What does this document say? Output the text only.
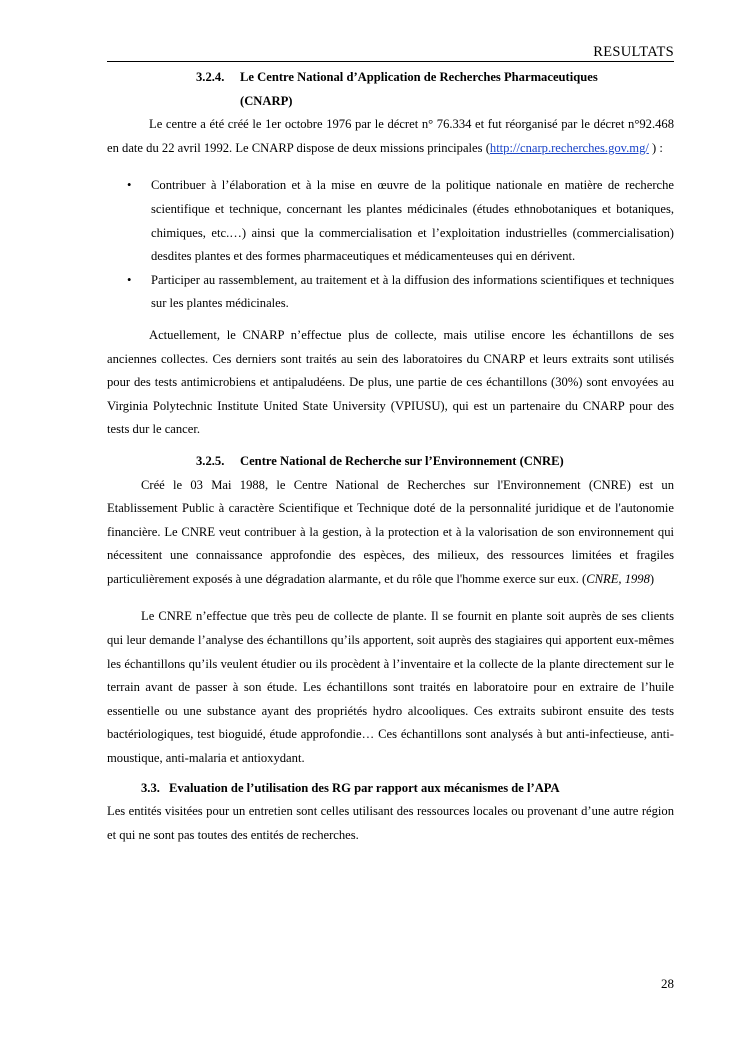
RESULTATS
3.2.4.	Le Centre National d’Application de Recherches Pharmaceutiques
(CNARP)

Le centre a été créé le 1er octobre 1976 par le décret n° 76.334 et fut réorganisé par le décret n°92.468 en date du 22 avril 1992. Le CNARP dispose de deux missions principales (http://cnarp.recherches.gov.mg/ ) :

• Contribuer à l’élaboration et à la mise en œuvre de la politique nationale en matière de recherche scientifique et technique, concernant les plantes médicinales (études ethnobotaniques et botaniques, chimiques, etc.…) ainsi que la commercialisation et l’exploitation industrielles (commercialisation) desdites plantes et des formes pharmaceutiques et médicamenteuses qui en dérivent.
• Participer au rassemblement, au traitement et à la diffusion des informations scientifiques et techniques sur les plantes médicinales.

Actuellement, le CNARP n’effectue plus de collecte, mais utilise encore les échantillons de ses anciennes collectes. Ces derniers sont traités au sein des laboratoires du CNARP et leurs extraits sont utilisés pour des tests antimicrobiens et antipaludéens. De plus, une partie de ces échantillons (30%) sont envoyées au Virginia Polytechnic Institute United State University (VPIUSU), qui est un partenaire du CNARP pour des tests dur le cancer.

3.2.5.	Centre National de Recherche sur l’Environnement (CNRE)

Créé le 03 Mai 1988, le Centre National de Recherches sur l'Environnement (CNRE) est un Etablissement Public à caractère Scientifique et Technique doté de la personnalité juridique et de l'autonomie financière. Le CNRE veut contribuer à la gestion, à la protection et à la valorisation de son environnement qui nécessitent une connaissance approfondie des espèces, des milieux, des ressources limitées et fragiles particulièrement exposés à une dégradation alarmante, et du rôle que l'homme exerce sur eux. (CNRE, 1998)

Le CNRE n’effectue que très peu de collecte de plante. Il se fournit en plante soit auprès de ses clients qui leur demande l’analyse des échantillons qu’ils apportent, soit auprès des stagiaires qui apportent eux-mêmes les échantillons qu’ils veulent étudier ou ils procèdent à l’inventaire et la collecte de la plante directement sur le terrain avant de passer à son étude. Les échantillons sont traités en laboratoire pour en extraire de l’huile essentielle ou une substance ayant des propriétés hydro alcooliques. Ces extraits subiront ensuite des tests bactériologiques, test bioguidé, étude approfondie… Ces échantillons sont analysés à but anti-infectieuse, anti-moustique, anti-malaria et antioxydant.

3.3. Evaluation de l’utilisation des RG par rapport aux mécanismes de l’APA

Les entités visitées pour un entretien sont celles utilisant des ressources locales ou provenant d’une autre région et qui ne sont pas toutes des entités de recherches.

28
